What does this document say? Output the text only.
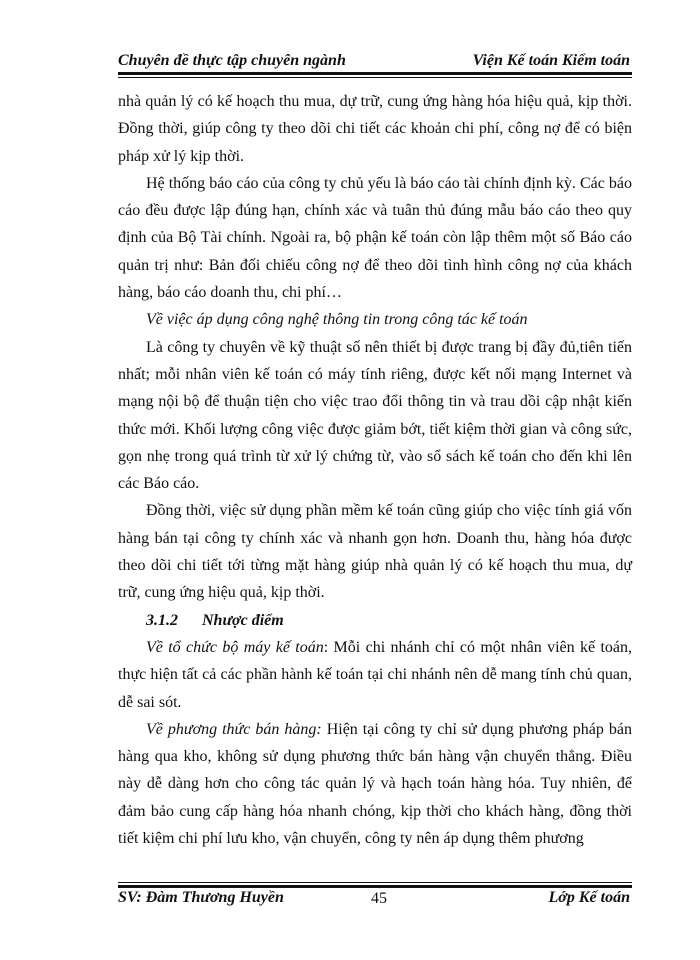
Chuyên đề thực tập chuyên ngành	Viện Kế toán Kiểm toán

nhà quản lý có kế hoạch thu mua, dự trữ, cung ứng hàng hóa hiệu quả, kịp thời. Đồng thời, giúp công ty theo dõi chi tiết các khoản chi phí, công nợ để có biện pháp xử lý kịp thời.

Hệ thống báo cáo của công ty chủ yếu là báo cáo tài chính định kỳ. Các báo cáo đều được lập đúng hạn, chính xác và tuân thủ đúng mẫu báo cáo theo quy định của Bộ Tài chính. Ngoài ra, bộ phận kế toán còn lập thêm một số Báo cáo quản trị như: Bản đối chiếu công nợ để theo dõi tình hình công nợ của khách hàng, báo cáo doanh thu, chi phí…

Về việc áp dụng công nghệ thông tin trong công tác kế toán

Là công ty chuyên về kỹ thuật số nên thiết bị được trang bị đầy đủ,tiên tiến nhất; mỗi nhân viên kế toán có máy tính riêng, được kết nối mạng Internet và mạng nội bộ để thuận tiện cho việc trao đổi thông tin và trau dồi cập nhật kiến thức mới. Khối lượng công việc được giảm bớt, tiết kiệm thời gian và công sức, gọn nhẹ trong quá trình từ xử lý chứng từ, vào sổ sách kế toán cho đến khi lên các Báo cáo.

Đồng thời, việc sử dụng phần mềm kế toán cũng giúp cho việc tính giá vốn hàng bán tại công ty chính xác và nhanh gọn hơn. Doanh thu, hàng hóa được theo dõi chi tiết tới từng mặt hàng giúp nhà quản lý có kế hoạch thu mua, dự trữ, cung ứng hiệu quả, kịp thời.

3.1.2 Nhược điểm

Về tổ chức bộ máy kế toán: Mỗi chi nhánh chỉ có một nhân viên kế toán, thực hiện tất cả các phần hành kế toán tại chi nhánh nên dễ mang tính chủ quan, dễ sai sót.

Về phương thức bán hàng: Hiện tại công ty chỉ sử dụng phương pháp bán hàng qua kho, không sử dụng phương thức bán hàng vận chuyển thẳng. Điều này dễ dàng hơn cho công tác quản lý và hạch toán hàng hóa. Tuy nhiên, để đảm bảo cung cấp hàng hóa nhanh chóng, kịp thời cho khách hàng, đồng thời tiết kiệm chi phí lưu kho, vận chuyển, công ty nên áp dụng thêm phương

SV: Đàm Thương Huyền	45	Lớp Kế toán
